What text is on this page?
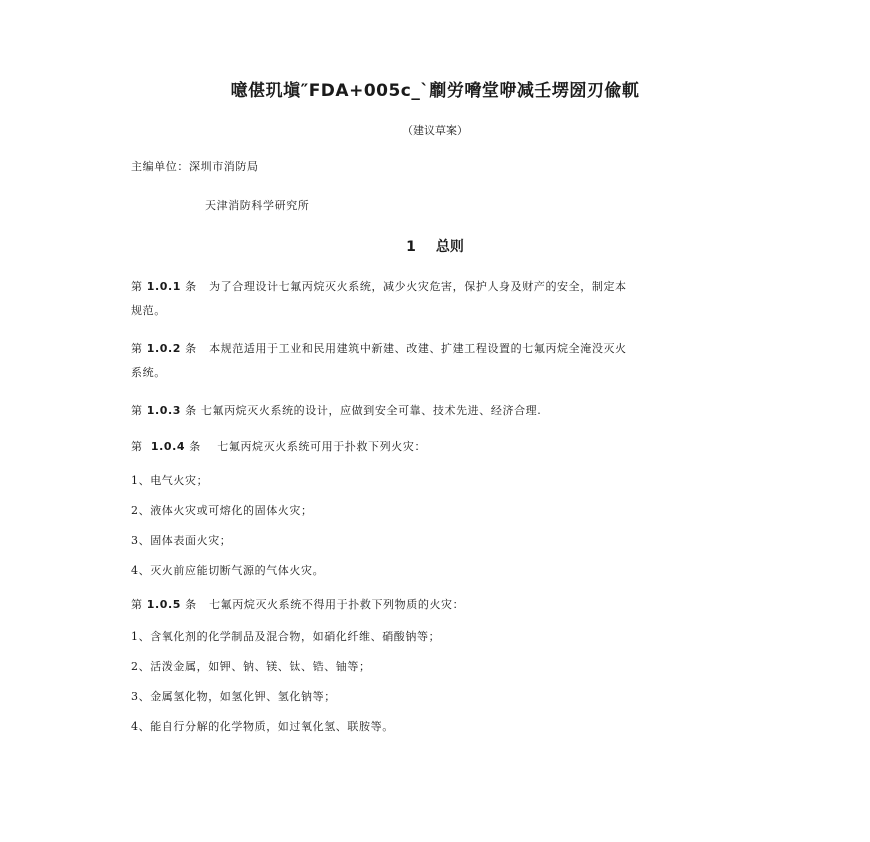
噫偡玑塡″FDA+005c_ˋ劘労嗋堂咿减壬塄圀刃偸軏
（建议草案）
主编单位：深圳市消防局
天津消防科学研究所
1 总则
第 1.0.1 条 为了合理设计七氟丙烷灭火系统，减少火灾危害，保护人身及财产的安全，制定本
规范。
第 1.0.2 条 本规范适用于工业和民用建筑中新建、改建、扩建工程设置的七氟丙烷全淹没灭火
系统。
第 1.0.3 条 七氟丙烷灭火系统的设计，应做到安全可靠、技术先进、经济合理.
第 1.0.4 条 七氟丙烷灭火系统可用于扑救下列火灾：
1、电气火灾；
2、液体火灾或可熔化的固体火灾；
3、固体表面火灾；
4、灭火前应能切断气源的气体火灾。
第 1.0.5 条 七氟丙烷灭火系统不得用于扑救下列物质的火灾：
1、含氧化剂的化学制品及混合物，如硝化纤维、硝酸钠等；
2、活泼金属，如钾、钠、镁、钛、锆、铀等；
3、金属氢化物，如氢化钾、氢化钠等；
4、能自行分解的化学物质，如过氧化氢、联胺等。
